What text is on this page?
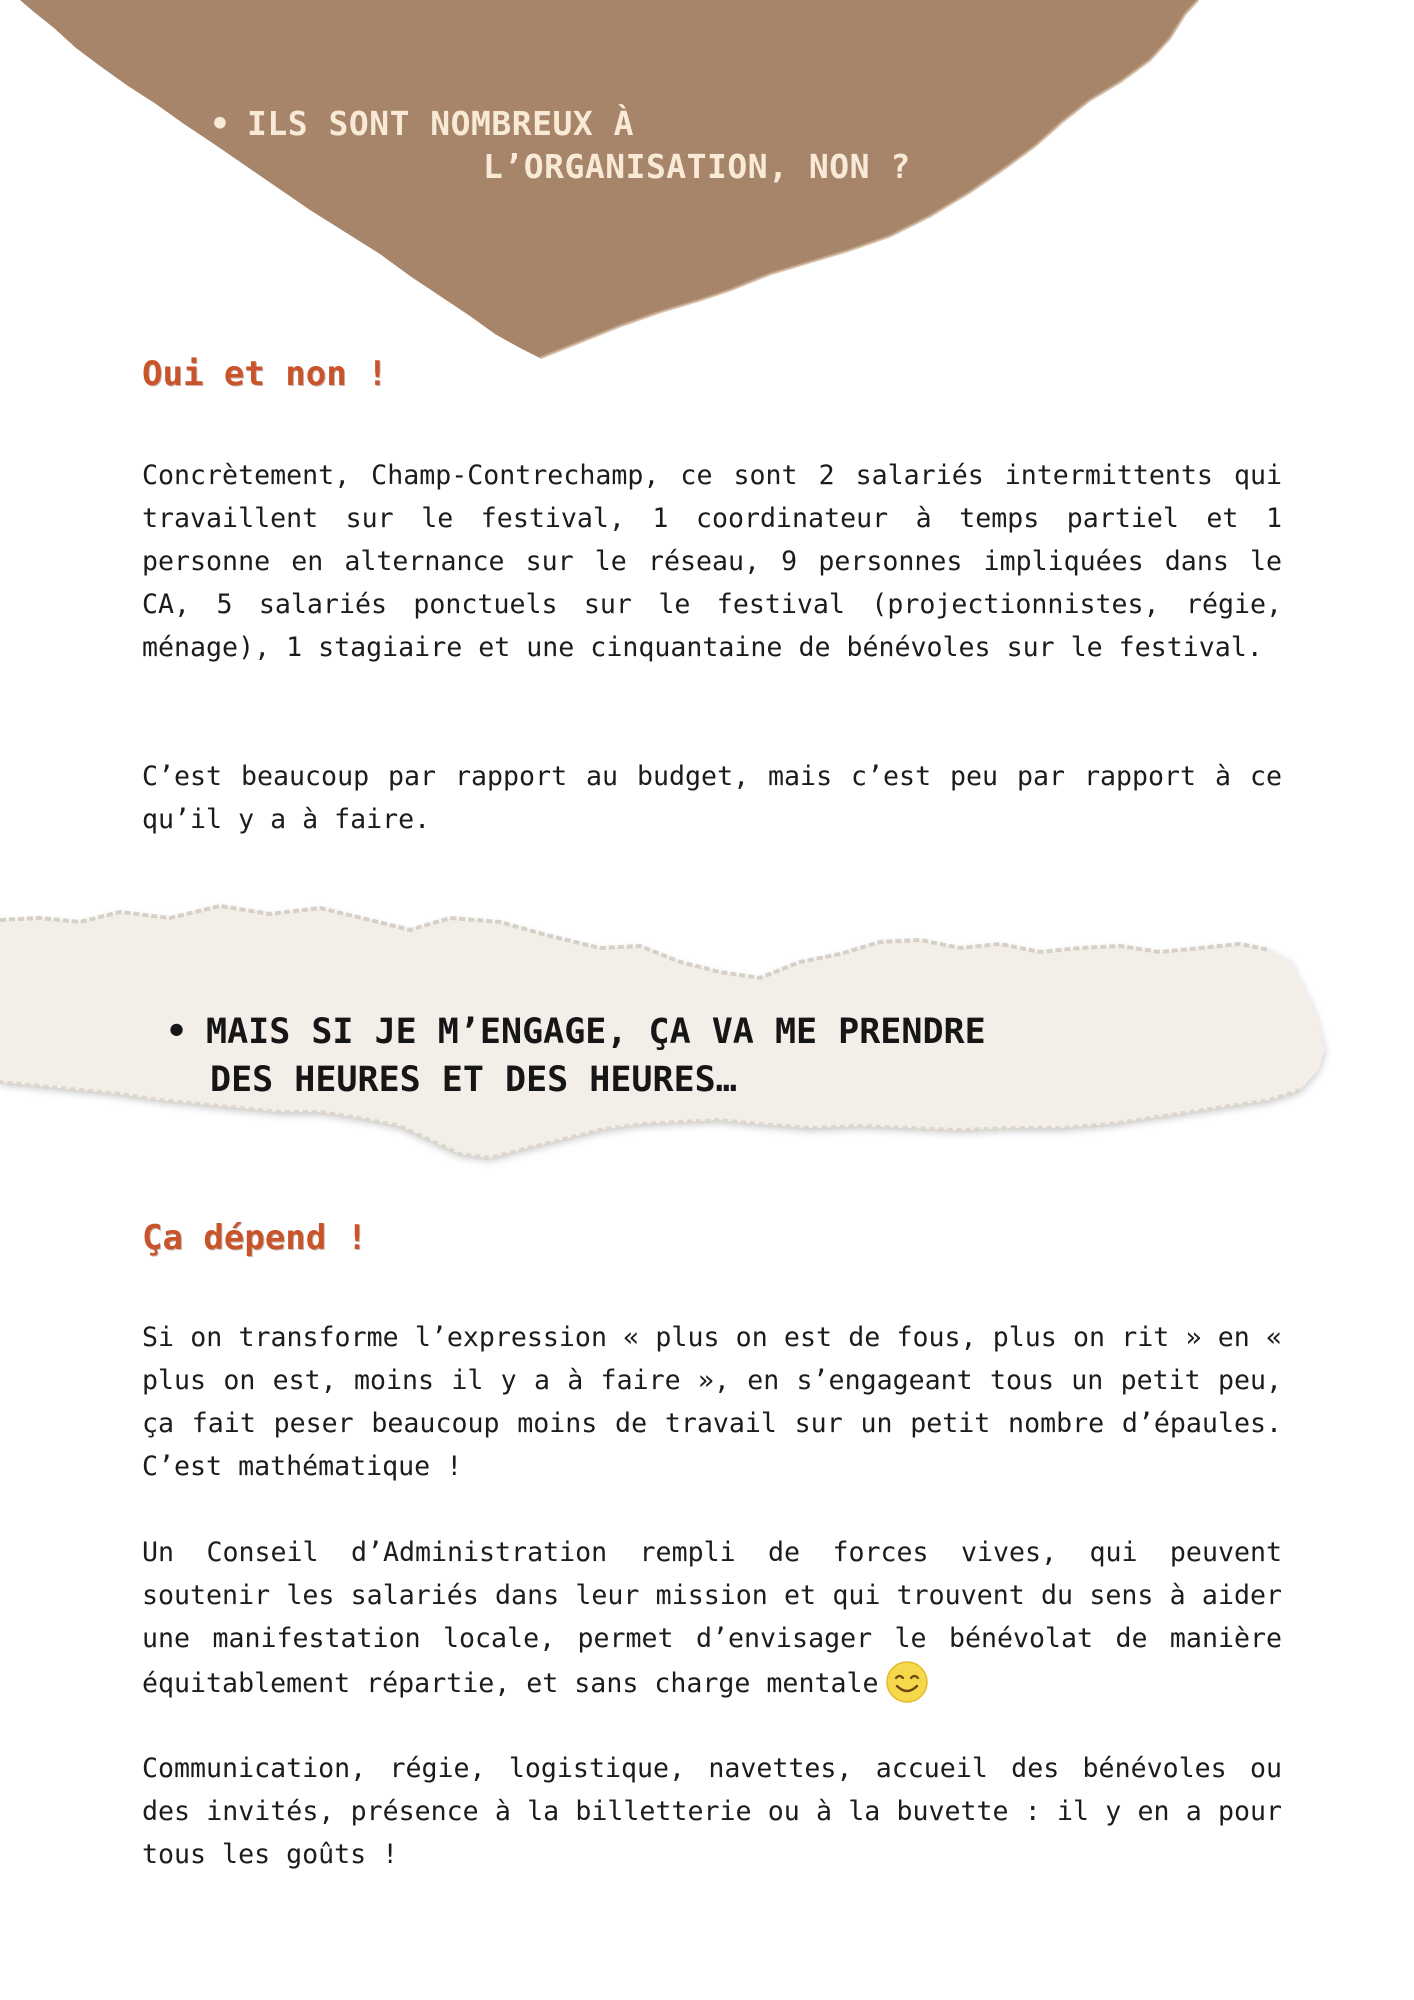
• ILS SONT NOMBREUX À
L’ORGANISATION, NON ?
Oui et non !

Concrètement, Champ-Contrechamp, ce sont 2 salariés intermittents qui travaillent sur le festival, 1 coordinateur à temps partiel et 1 personne en alternance sur le réseau, 9 personnes impliquées dans le CA, 5 salariés ponctuels sur le festival (projectionnistes, régie, ménage), 1 stagiaire et une cinquantaine de bénévoles sur le festival.

C’est beaucoup par rapport au budget, mais c’est peu par rapport à ce qu’il y a à faire.

• MAIS SI JE M’ENGAGE, ÇA VA ME PRENDRE
DES HEURES ET DES HEURES…
Ça dépend !

Si on transforme l’expression « plus on est de fous, plus on rit » en « plus on est, moins il y a à faire », en s’engageant tous un petit peu, ça fait peser beaucoup moins de travail sur un petit nombre d’épaules. C’est mathématique !

Un Conseil d’Administration rempli de forces vives, qui peuvent soutenir les salariés dans leur mission et qui trouvent du sens à aider une manifestation locale, permet d’envisager le bénévolat de manière équitablement répartie, et sans charge mentale

Communication, régie, logistique, navettes, accueil des bénévoles ou des invités, présence à la billetterie ou à la buvette : il y en a pour tous les goûts !
